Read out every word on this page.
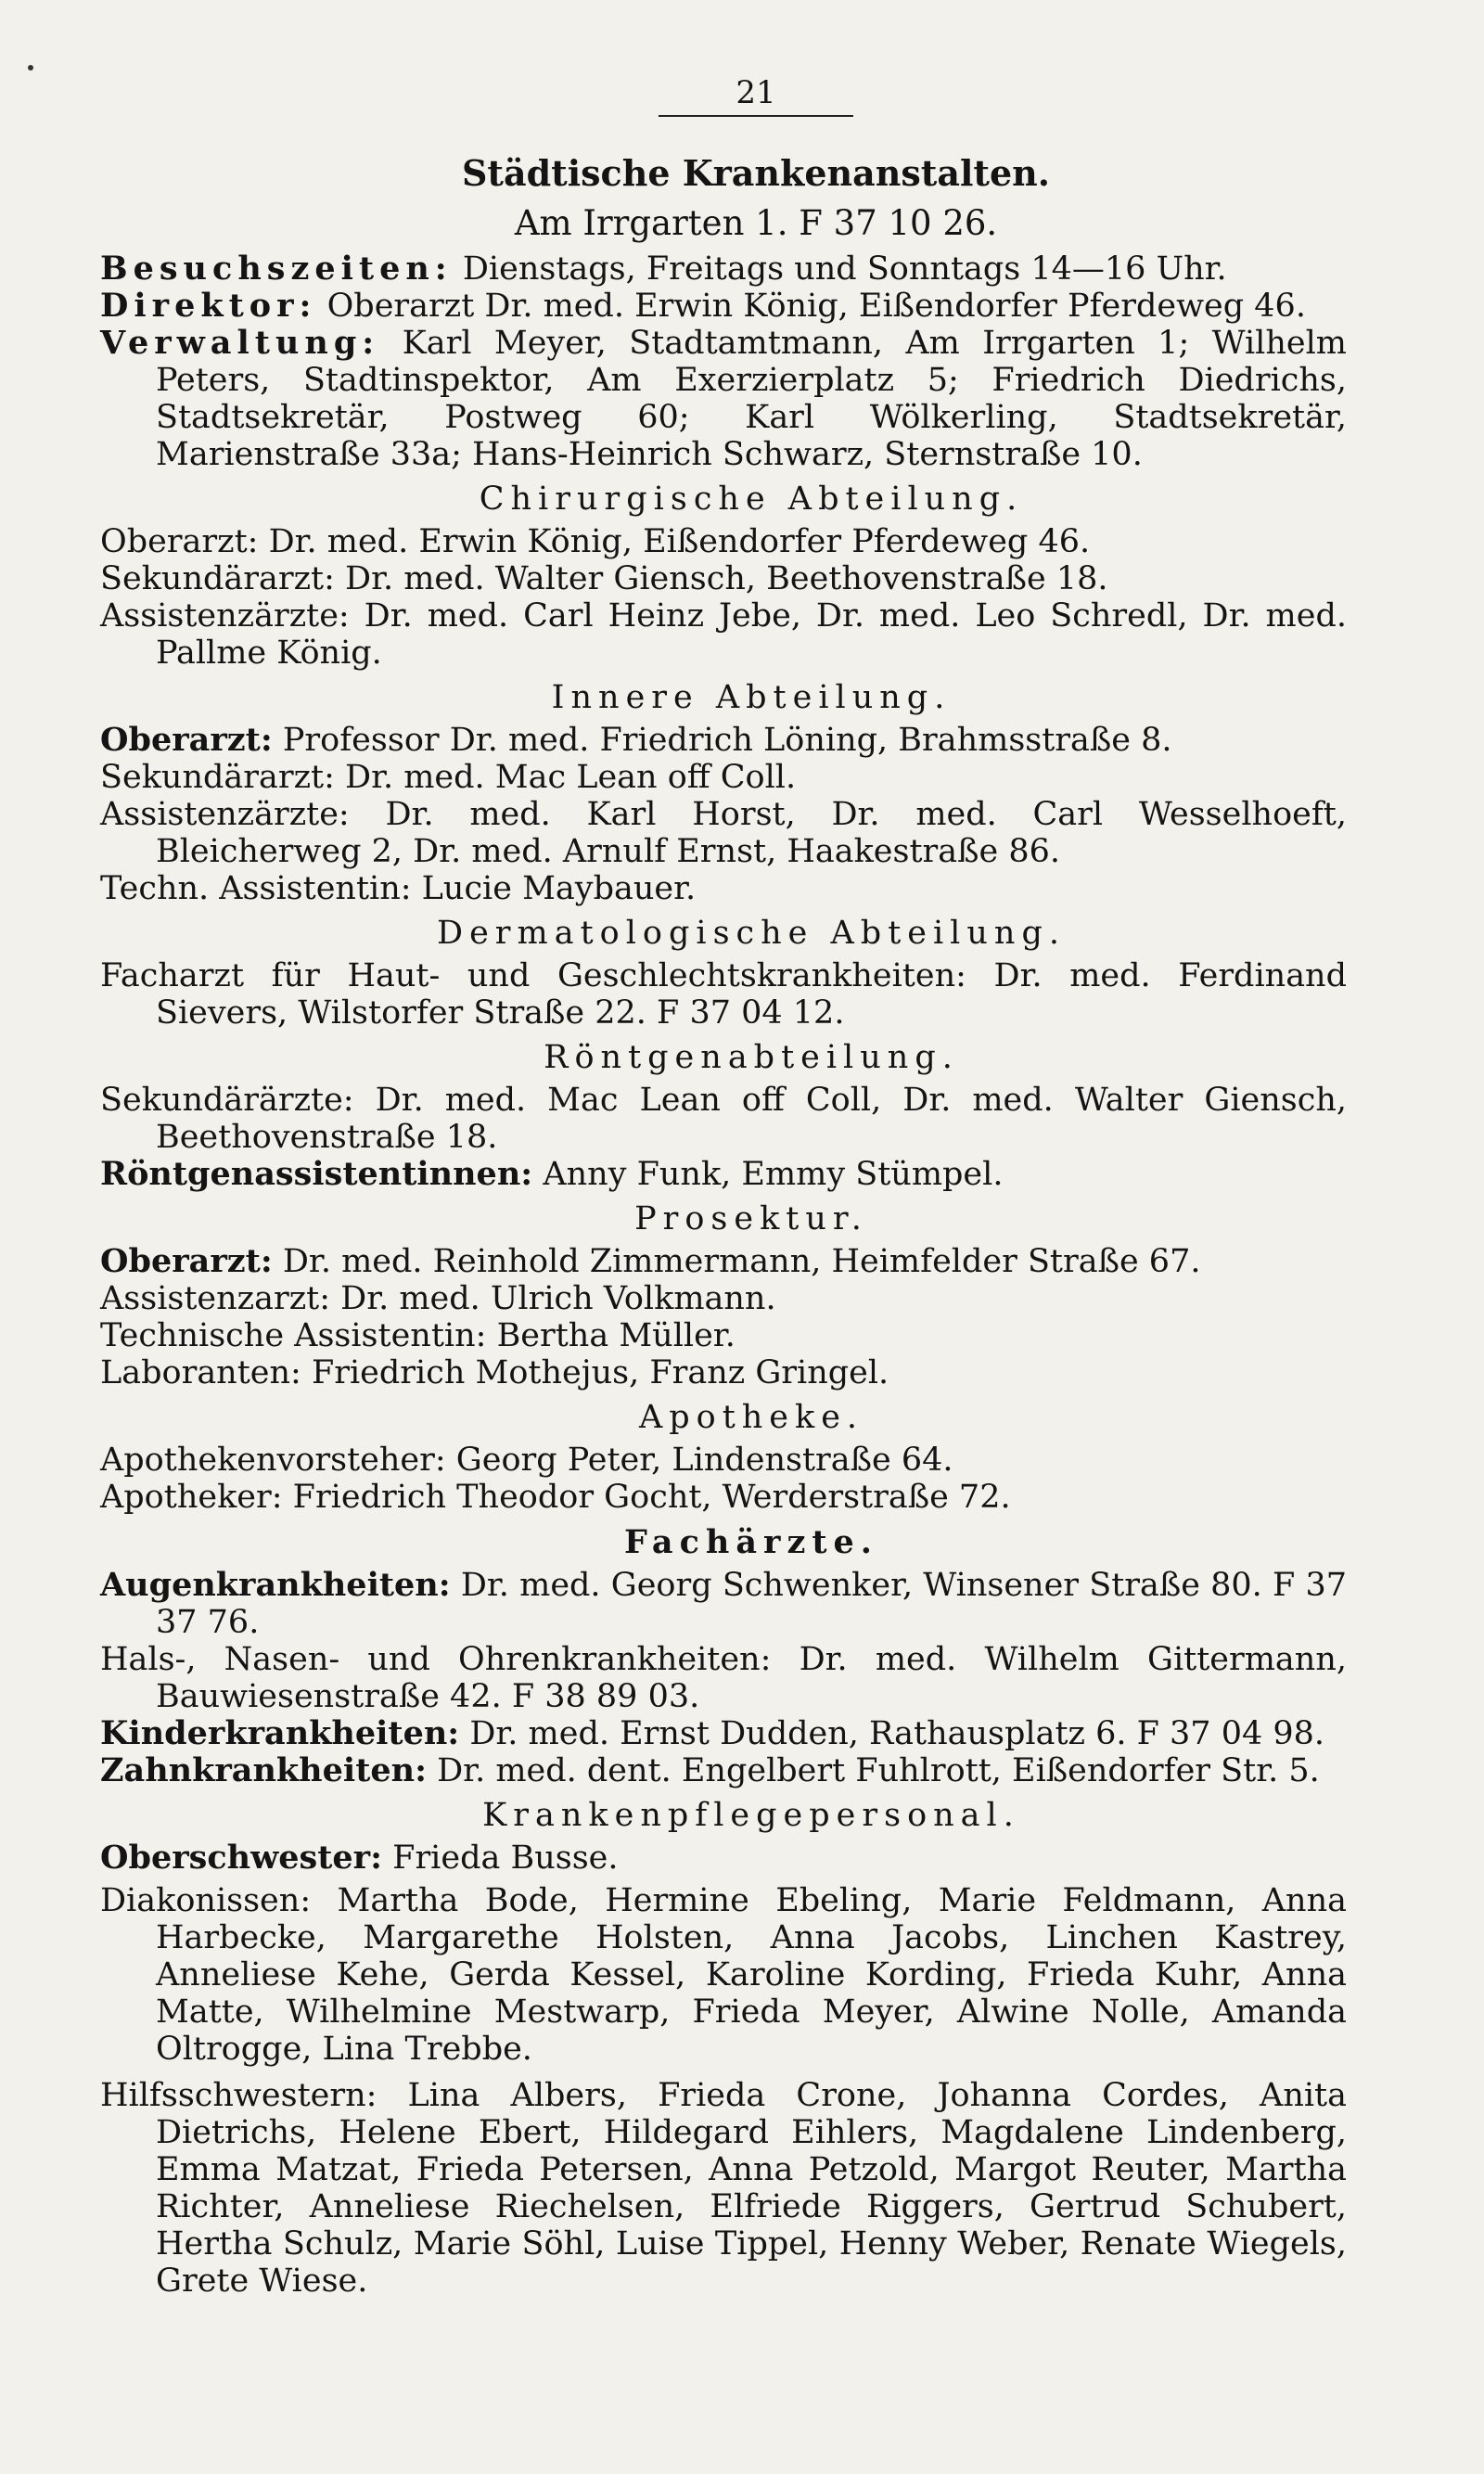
21
Städtische Krankenanstalten.
Am Irrgarten 1. F 37 10 26.

Besuchszeiten: Dienstags, Freitags und Sonntags 14—16 Uhr.

Direktor: Oberarzt Dr. med. Erwin König, Eißendorfer Pferdeweg 46.

Verwaltung: Karl Meyer, Stadtamtmann, Am Irrgarten 1; Wilhelm Peters, Stadtinspektor, Am Exerzierplatz 5; Friedrich Diedrichs, Stadtsekretär, Postweg 60; Karl Wölkerling, Stadtsekretär, Marienstraße 33a; Hans-Heinrich Schwarz, Sternstraße 10.

Chirurgische Abteilung.

Oberarzt: Dr. med. Erwin König, Eißendorfer Pferdeweg 46.

Sekundärarzt: Dr. med. Walter Giensch, Beethovenstraße 18.

Assistenzärzte: Dr. med. Carl Heinz Jebe, Dr. med. Leo Schredl, Dr. med. Pallme König.

Innere Abteilung.

Oberarzt: Professor Dr. med. Friedrich Löning, Brahmsstraße 8.

Sekundärarzt: Dr. med. Mac Lean off Coll.

Assistenzärzte: Dr. med. Karl Horst, Dr. med. Carl Wesselhoeft, Bleicherweg 2, Dr. med. Arnulf Ernst, Haakestraße 86.

Techn. Assistentin: Lucie Maybauer.

Dermatologische Abteilung.

Facharzt für Haut- und Geschlechtskrankheiten: Dr. med. Ferdinand Sievers, Wilstorfer Straße 22. F 37 04 12.

Röntgenabteilung.

Sekundärärzte: Dr. med. Mac Lean off Coll, Dr. med. Walter Giensch, Beethovenstraße 18.

Röntgenassistentinnen: Anny Funk, Emmy Stümpel.

Prosektur.

Oberarzt: Dr. med. Reinhold Zimmermann, Heimfelder Straße 67.

Assistenzarzt: Dr. med. Ulrich Volkmann.

Technische Assistentin: Bertha Müller.

Laboranten: Friedrich Mothejus, Franz Gringel.

Apotheke.

Apothekenvorsteher: Georg Peter, Lindenstraße 64.

Apotheker: Friedrich Theodor Gocht, Werderstraße 72.

Fachärzte.

Augenkrankheiten: Dr. med. Georg Schwenker, Winsener Straße 80. F 37 37 76.

Hals-, Nasen- und Ohrenkrankheiten: Dr. med. Wilhelm Gittermann, Bauwiesenstraße 42. F 38 89 03.

Kinderkrankheiten: Dr. med. Ernst Dudden, Rathausplatz 6. F 37 04 98.

Zahnkrankheiten: Dr. med. dent. Engelbert Fuhlrott, Eißendorfer Str. 5.

Krankenpflegepersonal.

Oberschwester: Frieda Busse.

Diakonissen: Martha Bode, Hermine Ebeling, Marie Feldmann, Anna Harbecke, Margarethe Holsten, Anna Jacobs, Linchen Kastrey, Anneliese Kehe, Gerda Kessel, Karoline Kording, Frieda Kuhr, Anna Matte, Wilhelmine Mestwarp, Frieda Meyer, Alwine Nolle, Amanda Oltrogge, Lina Trebbe.

Hilfsschwestern: Lina Albers, Frieda Crone, Johanna Cordes, Anita Dietrichs, Helene Ebert, Hildegard Eihlers, Magdalene Lindenberg, Emma Matzat, Frieda Petersen, Anna Petzold, Margot Reuter, Martha Richter, Anneliese Riechelsen, Elfriede Riggers, Gertrud Schubert, Hertha Schulz, Marie Söhl, Luise Tippel, Henny Weber, Renate Wiegels, Grete Wiese.
